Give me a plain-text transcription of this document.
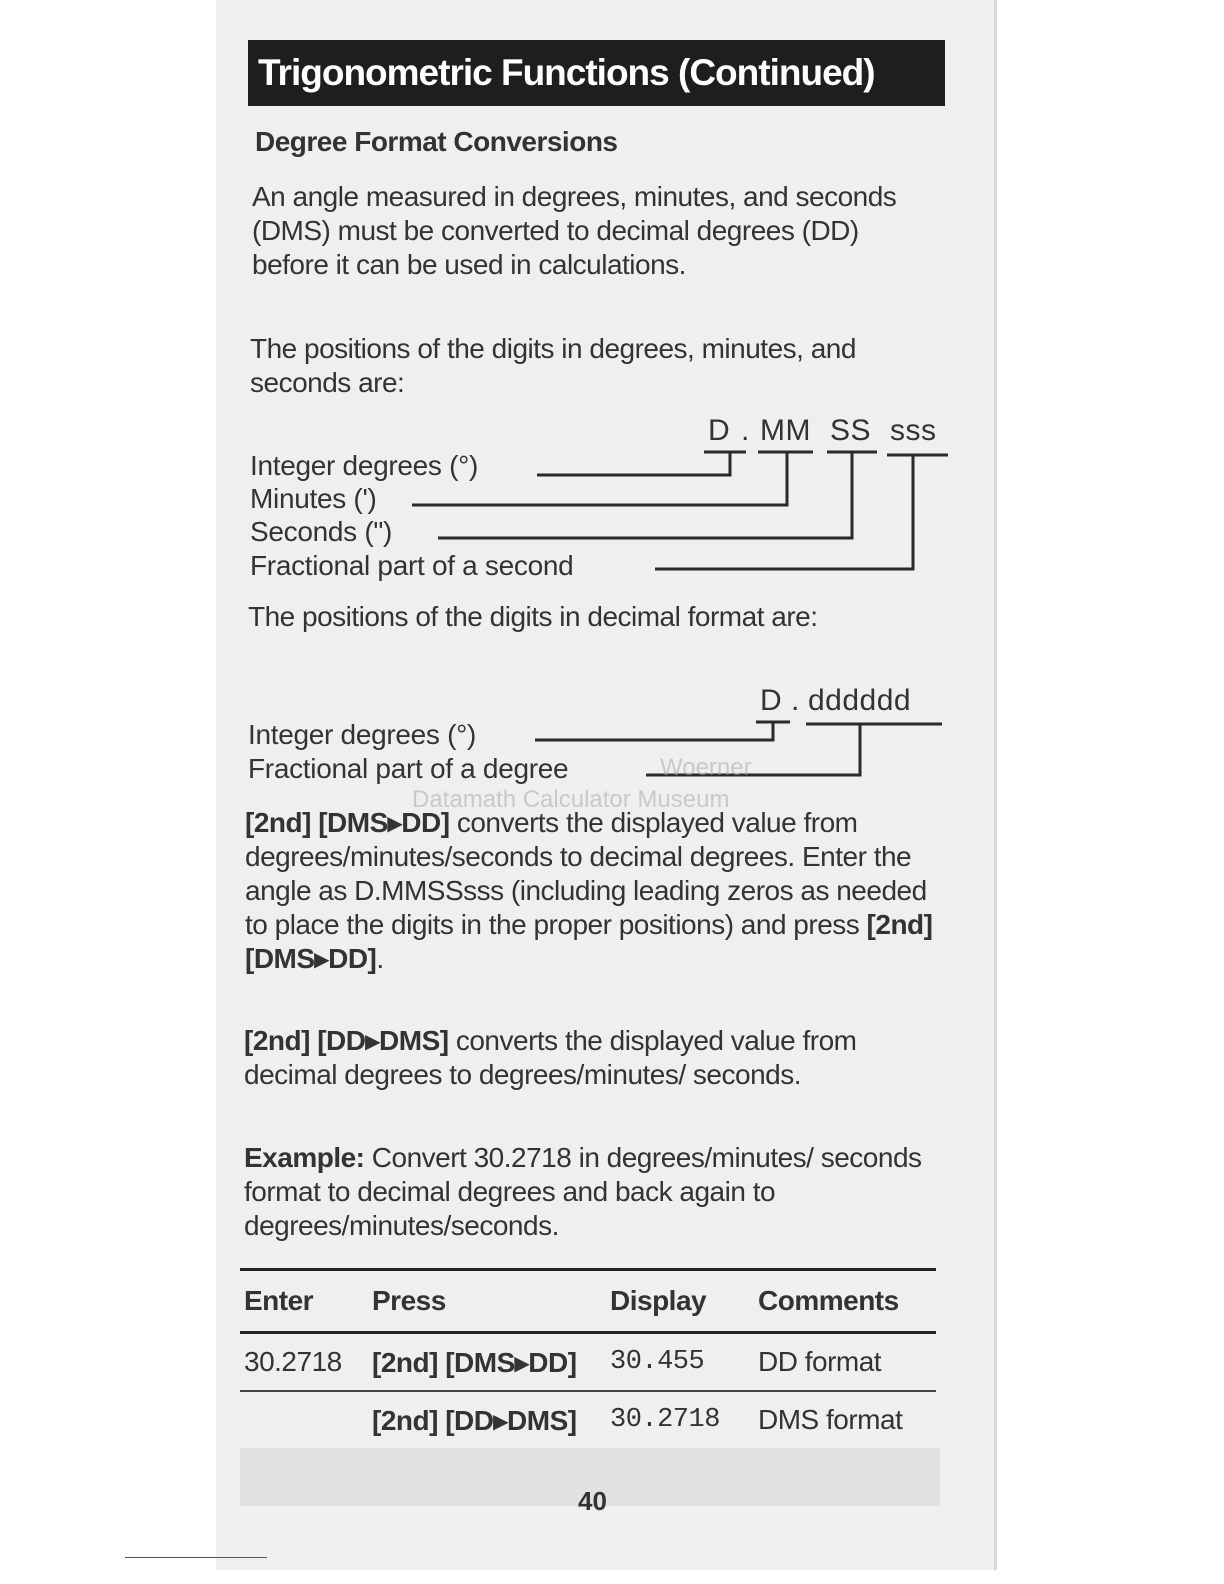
Trigonometric Functions (Continued)
Degree Format Conversions

An angle measured in degrees, minutes, and seconds (DMS) must be converted to decimal degrees (DD) before it can be used in calculations.

The positions of the digits in degrees, minutes, and seconds are:

D . MM SS sss
Integer degrees (°)
Minutes (')
Seconds (")
Fractional part of a second

The positions of the digits in decimal format are:

D . dddddd
Integer degrees (°)
Fractional part of a degree	Woerner
Datamath Calculator Museum

[2nd] [DMS▸DD] converts the displayed value from degrees/minutes/seconds to decimal degrees. Enter the angle as D.MMSSsss (including leading zeros as needed to place the digits in the proper positions) and press [2nd] [DMS▸DD].

[2nd] [DD▸DMS] converts the displayed value from decimal degrees to degrees/minutes/ seconds.

Example: Convert 30.2718 in degrees/minutes/ seconds format to decimal degrees and back again to degrees/minutes/seconds.

Enter	Press	Display	Comments
30.2718	[2nd] [DMS▸DD]	30.455	DD format
	[2nd] [DD▸DMS]	30.2718	DMS format
40
